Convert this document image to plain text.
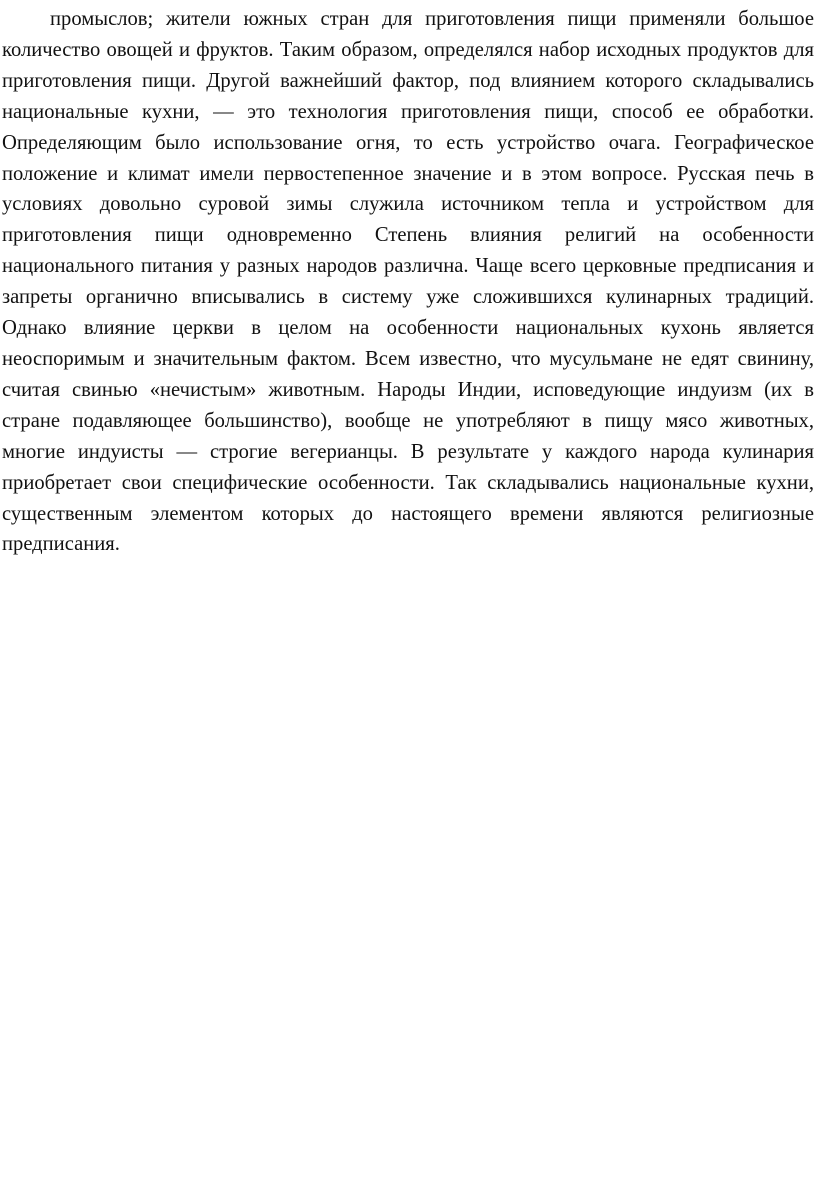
промыслов; жители южных стран для приготовления пищи применяли большое количество овощей и фруктов. Таким образом, определялся набор исходных продуктов для приготовления пищи. Другой важнейший фактор, под влиянием которого складывались национальные кухни, — это технология приготовления пищи, способ ее обработки. Определяющим было использование огня, то есть устройство очага. Географическое положение и климат имели первостепенное значение и в этом вопросе. Русская печь в условиях довольно суровой зимы служила источником тепла и устройством для приготовления пищи одновременно Степень влияния религий на особенности национального питания у разных народов различна. Чаще всего церковные предписания и запреты органично вписывались в систему уже сложившихся кулинарных традиций. Однако влияние церкви в целом на особенности национальных кухонь является неоспоримым и значительным фактом. Всем известно, что мусульмане не едят свинину, считая свинью «нечистым» животным. Народы Индии, исповедующие индуизм (их в стране подавляющее большинство), вообще не употребляют в пищу мясо животных, многие индуисты — строгие вегерианцы. В результате у каждого народа кулинария приобретает свои специфические особенности. Так складывались национальные кухни, существенным элементом которых до настоящего времени являются религиозные предписания.
